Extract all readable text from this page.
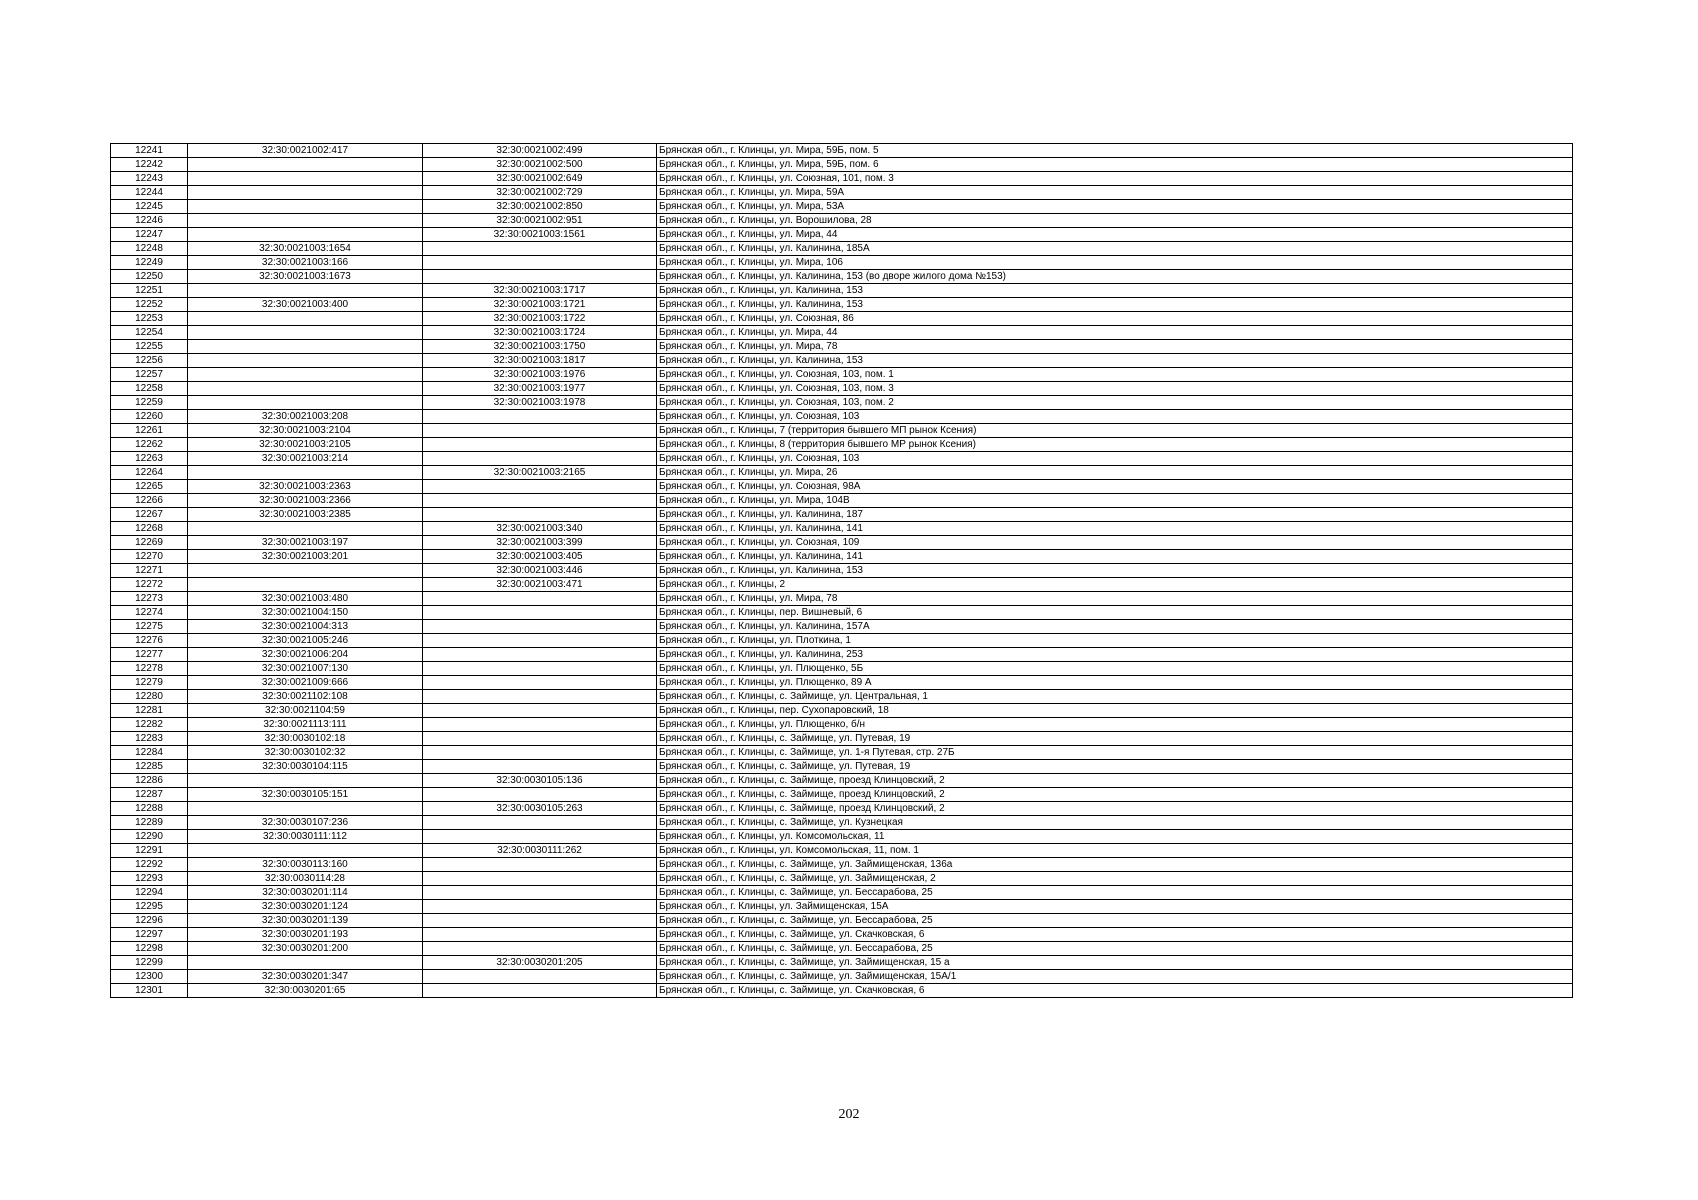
12241	32:30:0021002:417	32:30:0021002:499	Брянская обл., г. Клинцы, ул. Мира, 59Б, пом. 5
12242		32:30:0021002:500	Брянская обл., г. Клинцы, ул. Мира, 59Б, пом. 6
12243		32:30:0021002:649	Брянская обл., г. Клинцы, ул. Союзная, 101, пом. 3
12244		32:30:0021002:729	Брянская обл., г. Клинцы, ул. Мира, 59А
12245		32:30:0021002:850	Брянская обл., г. Клинцы, ул. Мира, 53А
12246		32:30:0021002:951	Брянская обл., г. Клинцы, ул. Ворошилова, 28
12247		32:30:0021003:1561	Брянская обл., г. Клинцы, ул. Мира, 44
12248	32:30:0021003:1654		Брянская обл., г. Клинцы, ул. Калинина, 185А
12249	32:30:0021003:166		Брянская обл., г. Клинцы, ул. Мира, 106
12250	32:30:0021003:1673		Брянская обл., г. Клинцы, ул. Калинина, 153 (во дворе жилого дома №153)
12251		32:30:0021003:1717	Брянская обл., г. Клинцы, ул. Калинина, 153
12252	32:30:0021003:400	32:30:0021003:1721	Брянская обл., г. Клинцы, ул. Калинина, 153
12253		32:30:0021003:1722	Брянская обл., г. Клинцы, ул. Союзная, 86
12254		32:30:0021003:1724	Брянская обл., г. Клинцы, ул. Мира, 44
12255		32:30:0021003:1750	Брянская обл., г. Клинцы, ул. Мира, 78
12256		32:30:0021003:1817	Брянская обл., г. Клинцы, ул. Калинина, 153
12257		32:30:0021003:1976	Брянская обл., г. Клинцы, ул. Союзная, 103, пом. 1
12258		32:30:0021003:1977	Брянская обл., г. Клинцы, ул. Союзная, 103, пом. 3
12259		32:30:0021003:1978	Брянская обл., г. Клинцы, ул. Союзная, 103, пом. 2
12260	32:30:0021003:208		Брянская обл., г. Клинцы, ул. Союзная, 103
12261	32:30:0021003:2104		Брянская обл., г. Клинцы, 7 (территория бывшего МП рынок Ксения)
12262	32:30:0021003:2105		Брянская обл., г. Клинцы, 8 (территория бывшего МР рынок Ксения)
12263	32:30:0021003:214		Брянская обл., г. Клинцы, ул. Союзная, 103
12264		32:30:0021003:2165	Брянская обл., г. Клинцы, ул. Мира, 26
12265	32:30:0021003:2363		Брянская обл., г. Клинцы, ул. Союзная, 98А
12266	32:30:0021003:2366		Брянская обл., г. Клинцы, ул. Мира, 104В
12267	32:30:0021003:2385		Брянская обл., г. Клинцы, ул. Калинина, 187
12268		32:30:0021003:340	Брянская обл., г. Клинцы, ул. Калинина, 141
12269	32:30:0021003:197	32:30:0021003:399	Брянская обл., г. Клинцы, ул. Союзная, 109
12270	32:30:0021003:201	32:30:0021003:405	Брянская обл., г. Клинцы, ул. Калинина, 141
12271		32:30:0021003:446	Брянская обл., г. Клинцы, ул. Калинина, 153
12272		32:30:0021003:471	Брянская обл., г. Клинцы, 2
12273	32:30:0021003:480		Брянская обл., г. Клинцы, ул. Мира, 78
12274	32:30:0021004:150		Брянская обл., г. Клинцы, пер. Вишневый, 6
12275	32:30:0021004:313		Брянская обл., г. Клинцы, ул. Калинина, 157А
12276	32:30:0021005:246		Брянская обл., г. Клинцы, ул. Плоткина, 1
12277	32:30:0021006:204		Брянская обл., г. Клинцы, ул. Калинина, 253
12278	32:30:0021007:130		Брянская обл., г. Клинцы, ул. Плющенко, 5Б
12279	32:30:0021009:666		Брянская обл., г. Клинцы, ул. Плющенко, 89 А
12280	32:30:0021102:108		Брянская обл., г. Клинцы, с. Займище, ул. Центральная, 1
12281	32:30:0021104:59		Брянская обл., г. Клинцы, пер. Сухопаровский, 18
12282	32:30:0021113:111		Брянская обл., г. Клинцы, ул. Плющенко, б/н
12283	32:30:0030102:18		Брянская обл., г. Клинцы, с. Займище, ул. Путевая, 19
12284	32:30:0030102:32		Брянская обл., г. Клинцы, с. Займище, ул. 1-я Путевая, стр. 27Б
12285	32:30:0030104:115		Брянская обл., г. Клинцы, с. Займище, ул. Путевая, 19
12286		32:30:0030105:136	Брянская обл., г. Клинцы, с. Займище, проезд Клинцовский, 2
12287	32:30:0030105:151		Брянская обл., г. Клинцы, с. Займище, проезд Клинцовский, 2
12288		32:30:0030105:263	Брянская обл., г. Клинцы, с. Займище, проезд Клинцовский, 2
12289	32:30:0030107:236		Брянская обл., г. Клинцы, с. Займище, ул. Кузнецкая
12290	32:30:0030111:112		Брянская обл., г. Клинцы, ул. Комсомольская, 11
12291		32:30:0030111:262	Брянская обл., г. Клинцы, ул. Комсомольская, 11, пом. 1
12292	32:30:0030113:160		Брянская обл., г. Клинцы, с. Займище, ул. Займищенская, 136а
12293	32:30:0030114:28		Брянская обл., г. Клинцы, с. Займище, ул. Займищенская, 2
12294	32:30:0030201:114		Брянская обл., г. Клинцы, с. Займище, ул. Бессарабова, 25
12295	32:30:0030201:124		Брянская обл., г. Клинцы, ул. Займищенская, 15А
12296	32:30:0030201:139		Брянская обл., г. Клинцы, с. Займище, ул. Бессарабова, 25
12297	32:30:0030201:193		Брянская обл., г. Клинцы, с. Займище, ул. Скачковская, 6
12298	32:30:0030201:200		Брянская обл., г. Клинцы, с. Займище, ул. Бессарабова, 25
12299		32:30:0030201:205	Брянская обл., г. Клинцы, с. Займище, ул. Займищенская, 15 а
12300	32:30:0030201:347		Брянская обл., г. Клинцы, с. Займище, ул. Займищенская, 15А/1
12301	32:30:0030201:65		Брянская обл., г. Клинцы, с. Займище, ул. Скачковская, 6
202
